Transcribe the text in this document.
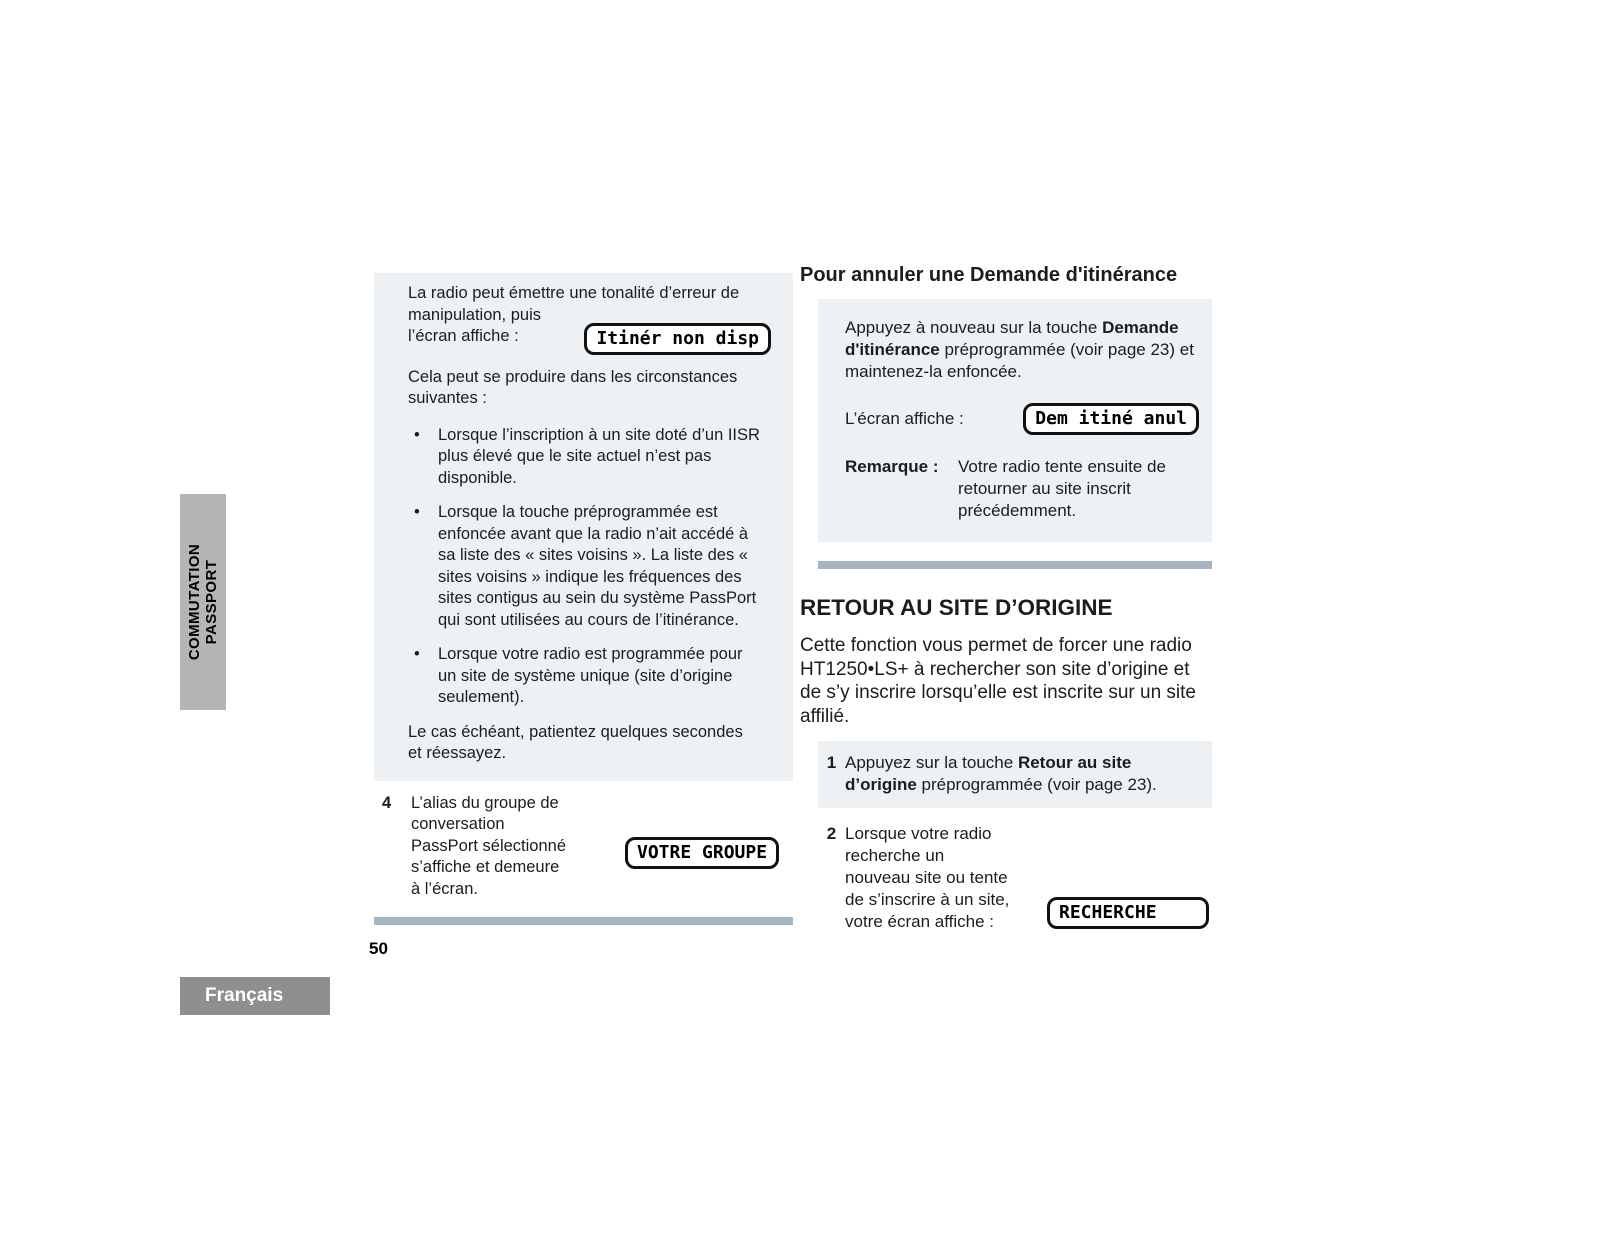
COMMUTATION PASSPORT
50
Français
La radio peut émettre une tonalité d’erreur de
manipulation, puis
l’écran affiche :	Itinér non disp
Cela peut se produire dans les circonstances suivantes :
•	Lorsque l’inscription à un site doté d’un IISR plus élevé que le site actuel n’est pas disponible.
•	Lorsque la touche préprogrammée est enfoncée avant que la radio n’ait accédé à sa liste des « sites voisins ». La liste des « sites voisins » indique les fréquences des sites contigus au sein du système PassPort qui sont utilisées au cours de l’itinérance.
•	Lorsque votre radio est programmée pour un site de système unique (site d’origine seulement).
Le cas échéant, patientez quelques secondes
et réessayez.
4	L’alias du groupe de
conversation
PassPort sélectionné
s’affiche et demeure
à l’écran.
VOTRE GROUPE
Pour annuler une Demande d'itinérance
Appuyez à nouveau sur la touche Demande d'itinérance préprogrammée (voir page 23) et maintenez-la enfoncée.
L’écran affiche :	Dem itiné anul
Remarque :	Votre radio tente ensuite de retourner au site inscrit précédemment.
RETOUR AU SITE D’ORIGINE
Cette fonction vous permet de forcer une radio HT1250•LS+ à rechercher son site d’origine et de s’y inscrire lorsqu’elle est inscrite sur un site affilié.
1 Appuyez sur la touche Retour au site d’origine préprogrammée (voir page 23).
2 Lorsque votre radio
recherche un
nouveau site ou tente
de s’inscrire à un site,
votre écran affiche :	RECHERCHE
